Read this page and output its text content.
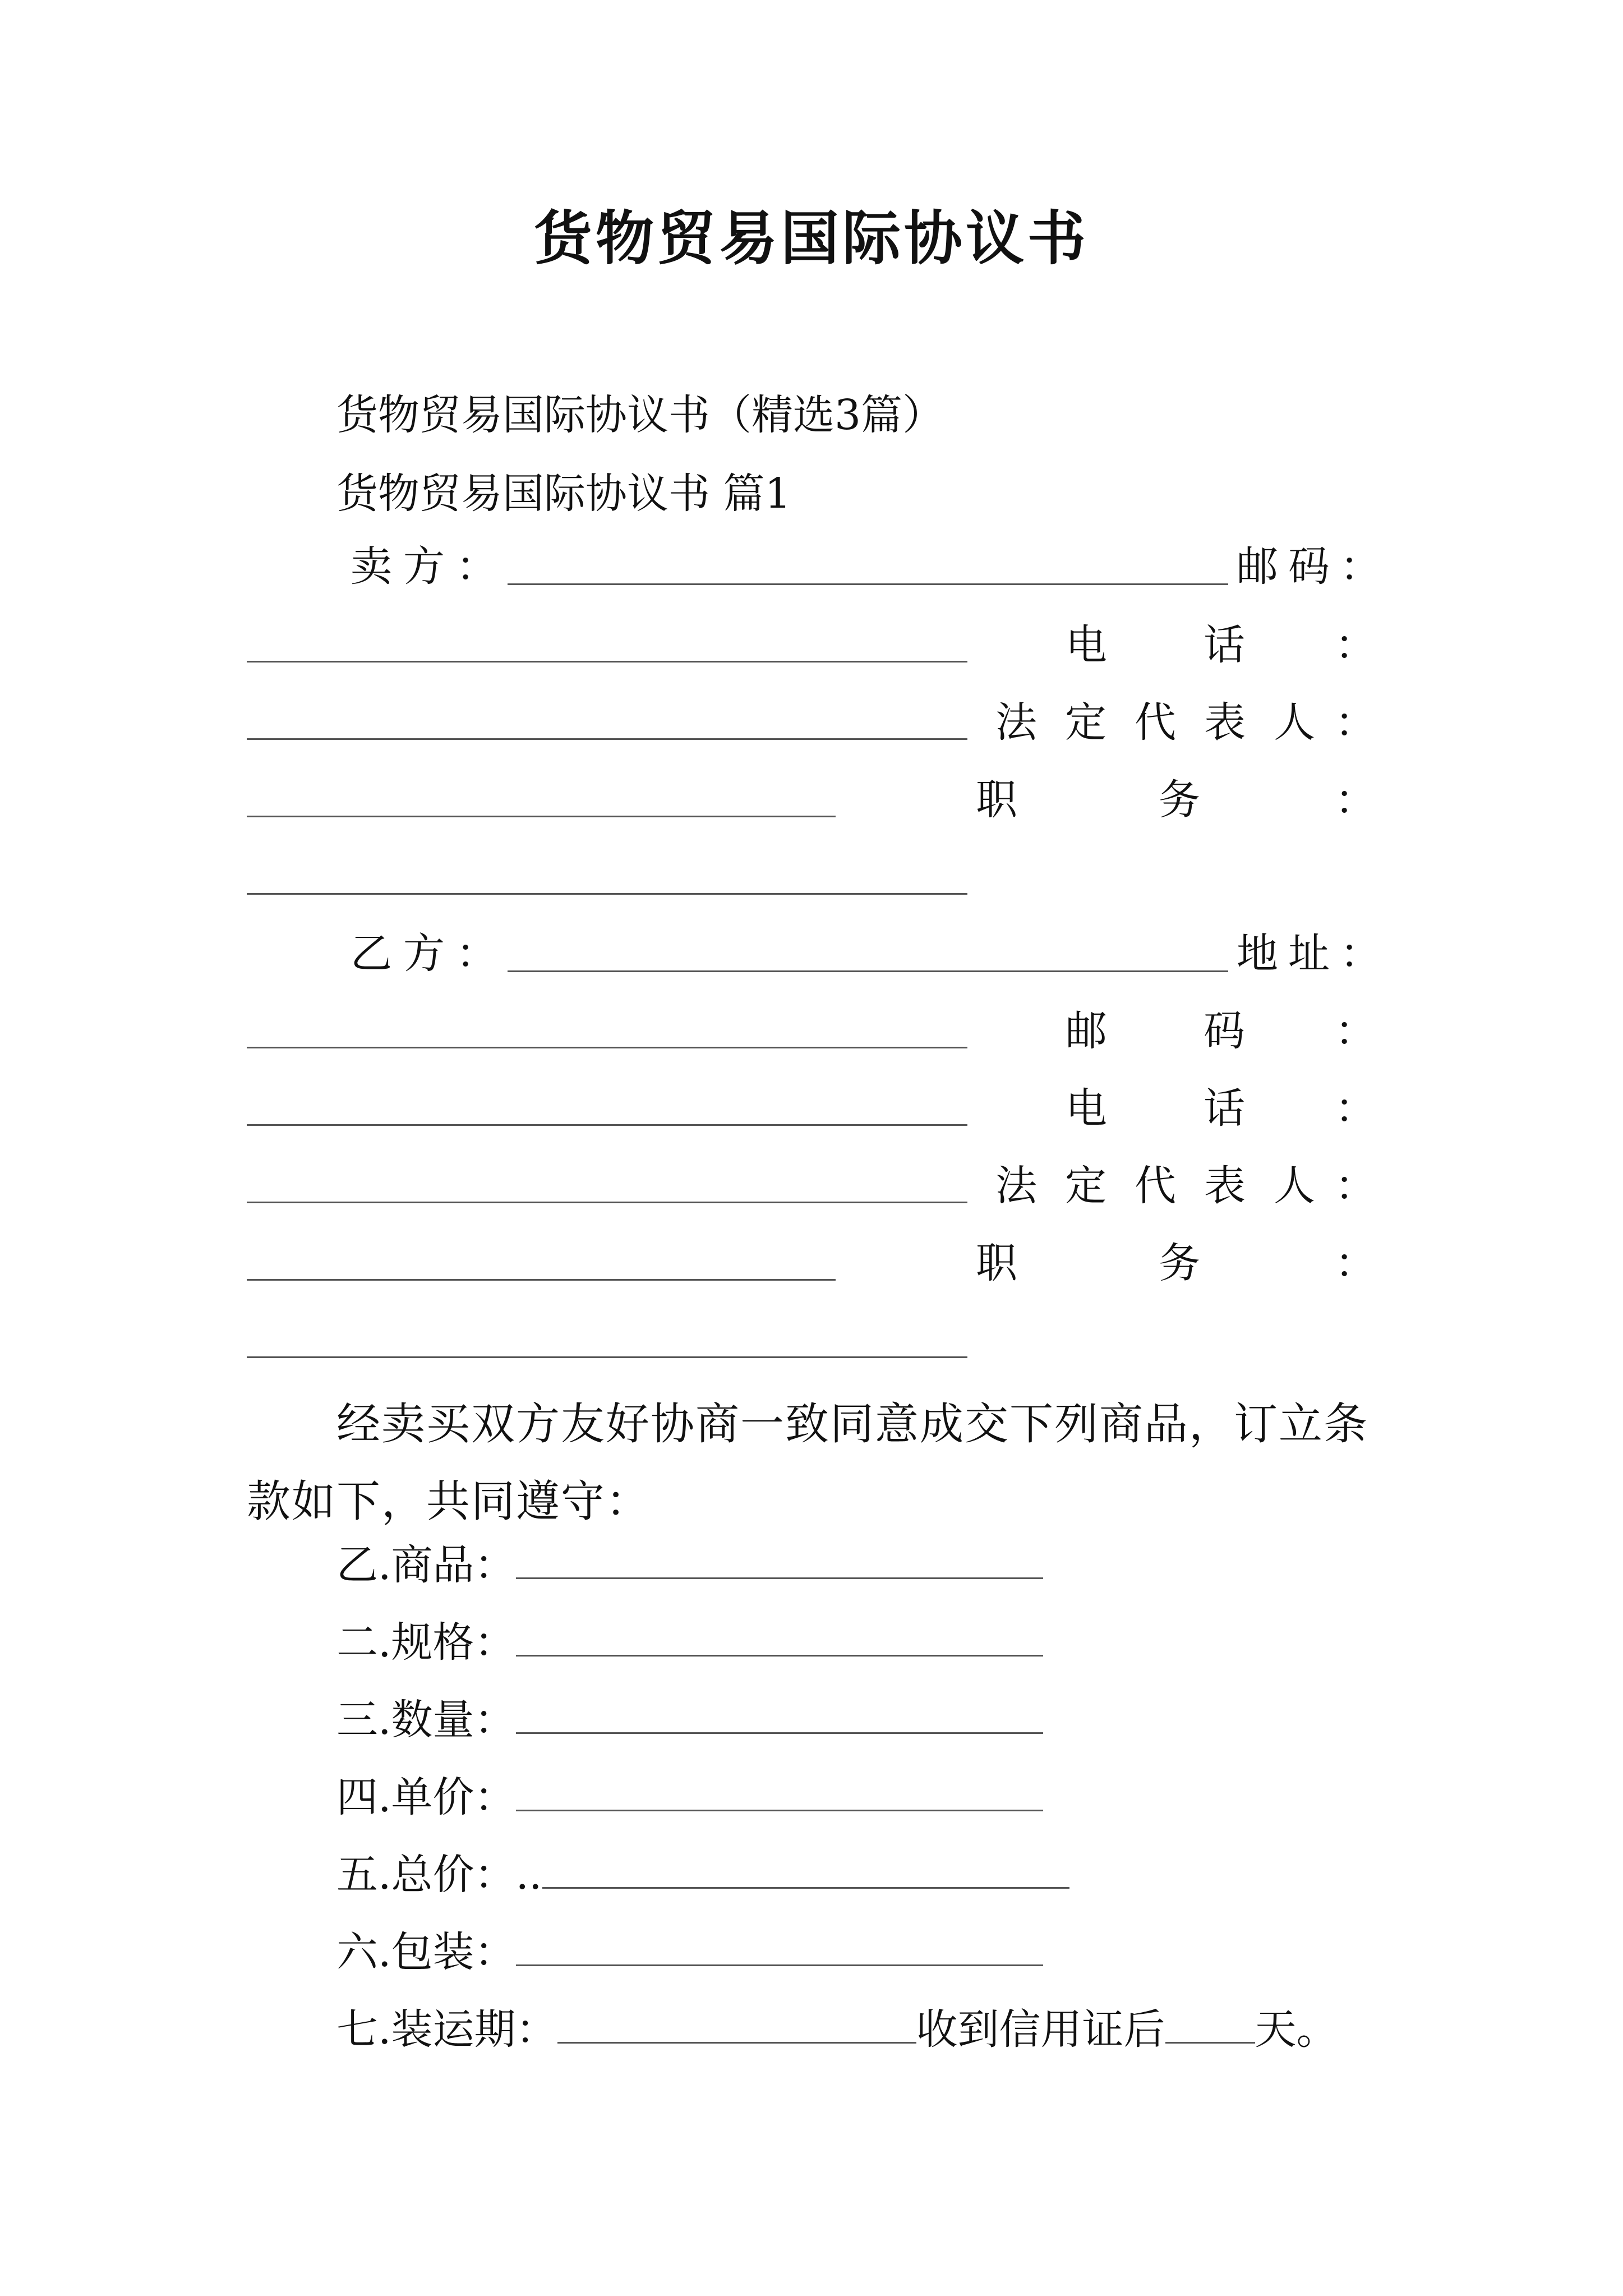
货物贸易国际协议书
货物贸易国际协议书（精选3篇）
货物贸易国际协议书 篇1
卖方：	邮码：
电 话 ：
法 定 代 表 人 ：
职	务	：
乙方：	地址：
邮 码 ：
电 话 ：
法 定 代 表 人 ：
职	务	：
经卖买双方友好协商一致同意成交下列商品，订立条款如下，共同遵守：
乙.商品：
二.规格：
三.数量：
四.单价：
五.总价：..
六.包装：
七.装运期：	收到信用证后 天。
